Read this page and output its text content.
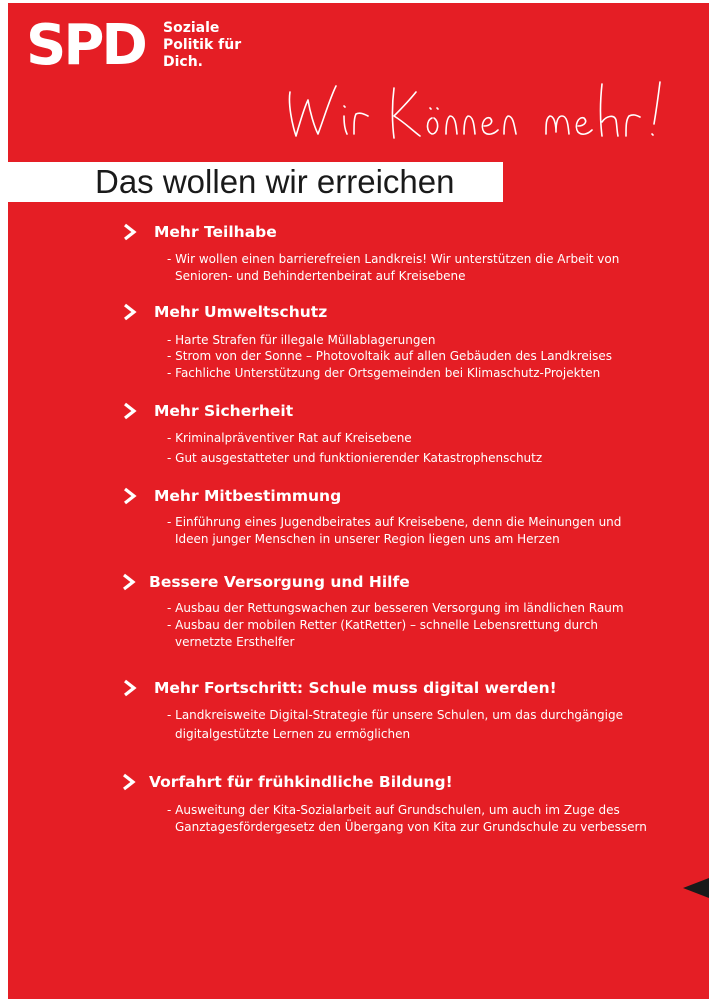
SPD Soziale
Politik für
Dich.
Das wollen wir erreichen
Mehr Teilhabe
- Wir wollen einen barrierefreien Landkreis! Wir unterstützen die Arbeit von
Senioren- und Behindertenbeirat auf Kreisebene
Mehr Umweltschutz
- Harte Strafen für illegale Müllablagerungen
- Strom von der Sonne – Photovoltaik auf allen Gebäuden des Landkreises
- Fachliche Unterstützung der Ortsgemeinden bei Klimaschutz-Projekten
Mehr Sicherheit
- Kriminalpräventiver Rat auf Kreisebene
- Gut ausgestatteter und funktionierender Katastrophenschutz
Mehr Mitbestimmung
- Einführung eines Jugendbeirates auf Kreisebene, denn die Meinungen und
Ideen junger Menschen in unserer Region liegen uns am Herzen
Bessere Versorgung und Hilfe
- Ausbau der Rettungswachen zur besseren Versorgung im ländlichen Raum
- Ausbau der mobilen Retter (KatRetter) – schnelle Lebensrettung durch
vernetzte Ersthelfer
Mehr Fortschritt: Schule muss digital werden!
- Landkreisweite Digital-Strategie für unsere Schulen, um das durchgängige
digitalgestützte Lernen zu ermöglichen
Vorfahrt für frühkindliche Bildung!
- Ausweitung der Kita-Sozialarbeit auf Grundschulen, um auch im Zuge des
Ganztagesfördergesetz den Übergang von Kita zur Grundschule zu verbessern
